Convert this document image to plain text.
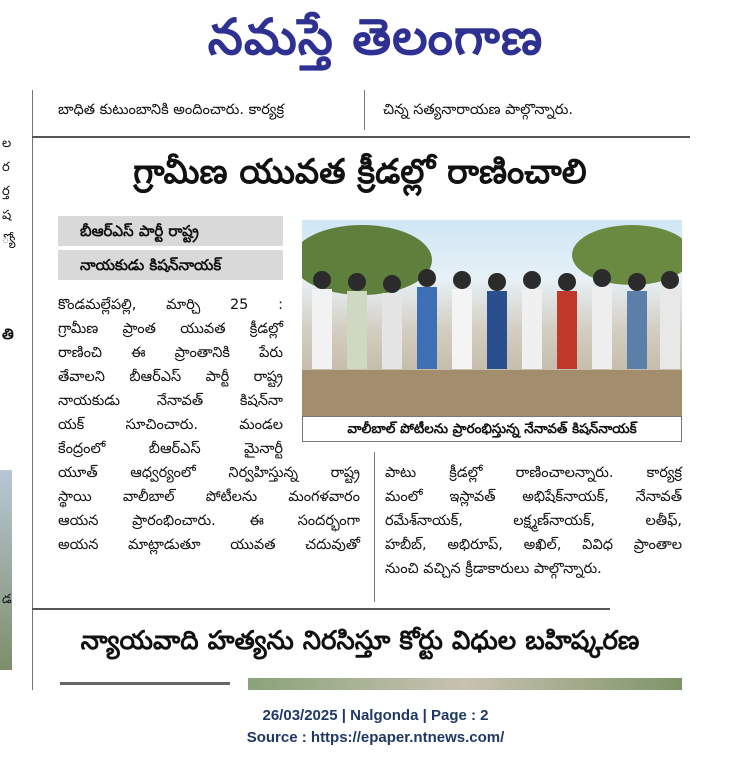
నమస్తే తెలంగాణ
ల
ర
ర్త
ష
్యో
తి
డ
బాధిత కుటుంబానికి అందించారు. కార్యక్ర	చిన్న సత్యనారాయణ పాల్గొన్నారు.
గ్రామీణ యువత క్రీడల్లో రాణించాలి
బీఆర్ఎస్ పార్టీ రాష్ట్ర
నాయకుడు కిషన్‌నాయక్
వాలీబాల్ పోటీలను ప్రారంభిస్తున్న నేనావత్ కిషన్‌నాయక్
కొండమల్లేపల్లి, మార్చి 25 :
గ్రామీణ ప్రాంత యువత క్రీడల్లో
రాణించి ఈ ప్రాంతానికి పేరు
తేవాలని బీఆర్ఎస్ పార్టీ రాష్ట్ర
నాయకుడు నేనావత్ కిషన్‌నా
యక్ సూచించారు. మండల
కేంద్రంలో బీఆర్ఎస్ మైనార్టీ
యూత్ ఆధ్వర్యంలో నిర్వహిస్తున్న రాష్ట్ర
స్థాయి వాలీబాల్ పోటీలను మంగళవారం
ఆయన ప్రారంభించారు. ఈ సందర్భంగా
అయన మాట్లాడుతూ యువత చదువుతో
పాటు క్రీడల్లో రాణించాలన్నారు. కార్యక్ర
మంలో ఇస్లావత్ అభిషేక్‌నాయక్, నేనావత్
రమేశ్‌నాయక్, లక్ష్మణ్‌నాయక్, లతీఫ్,
హబీబ్, అభిరూప్, అఖిల్, వివిధ ప్రాంతాల
నుంచి వచ్చిన క్రీడాకారులు పాల్గొన్నారు.
న్యాయవాది హత్యను నిరసిస్తూ కోర్టు విధుల బహిష్కరణ
26/03/2025 | Nalgonda | Page : 2
Source : https://epaper.ntnews.com/
